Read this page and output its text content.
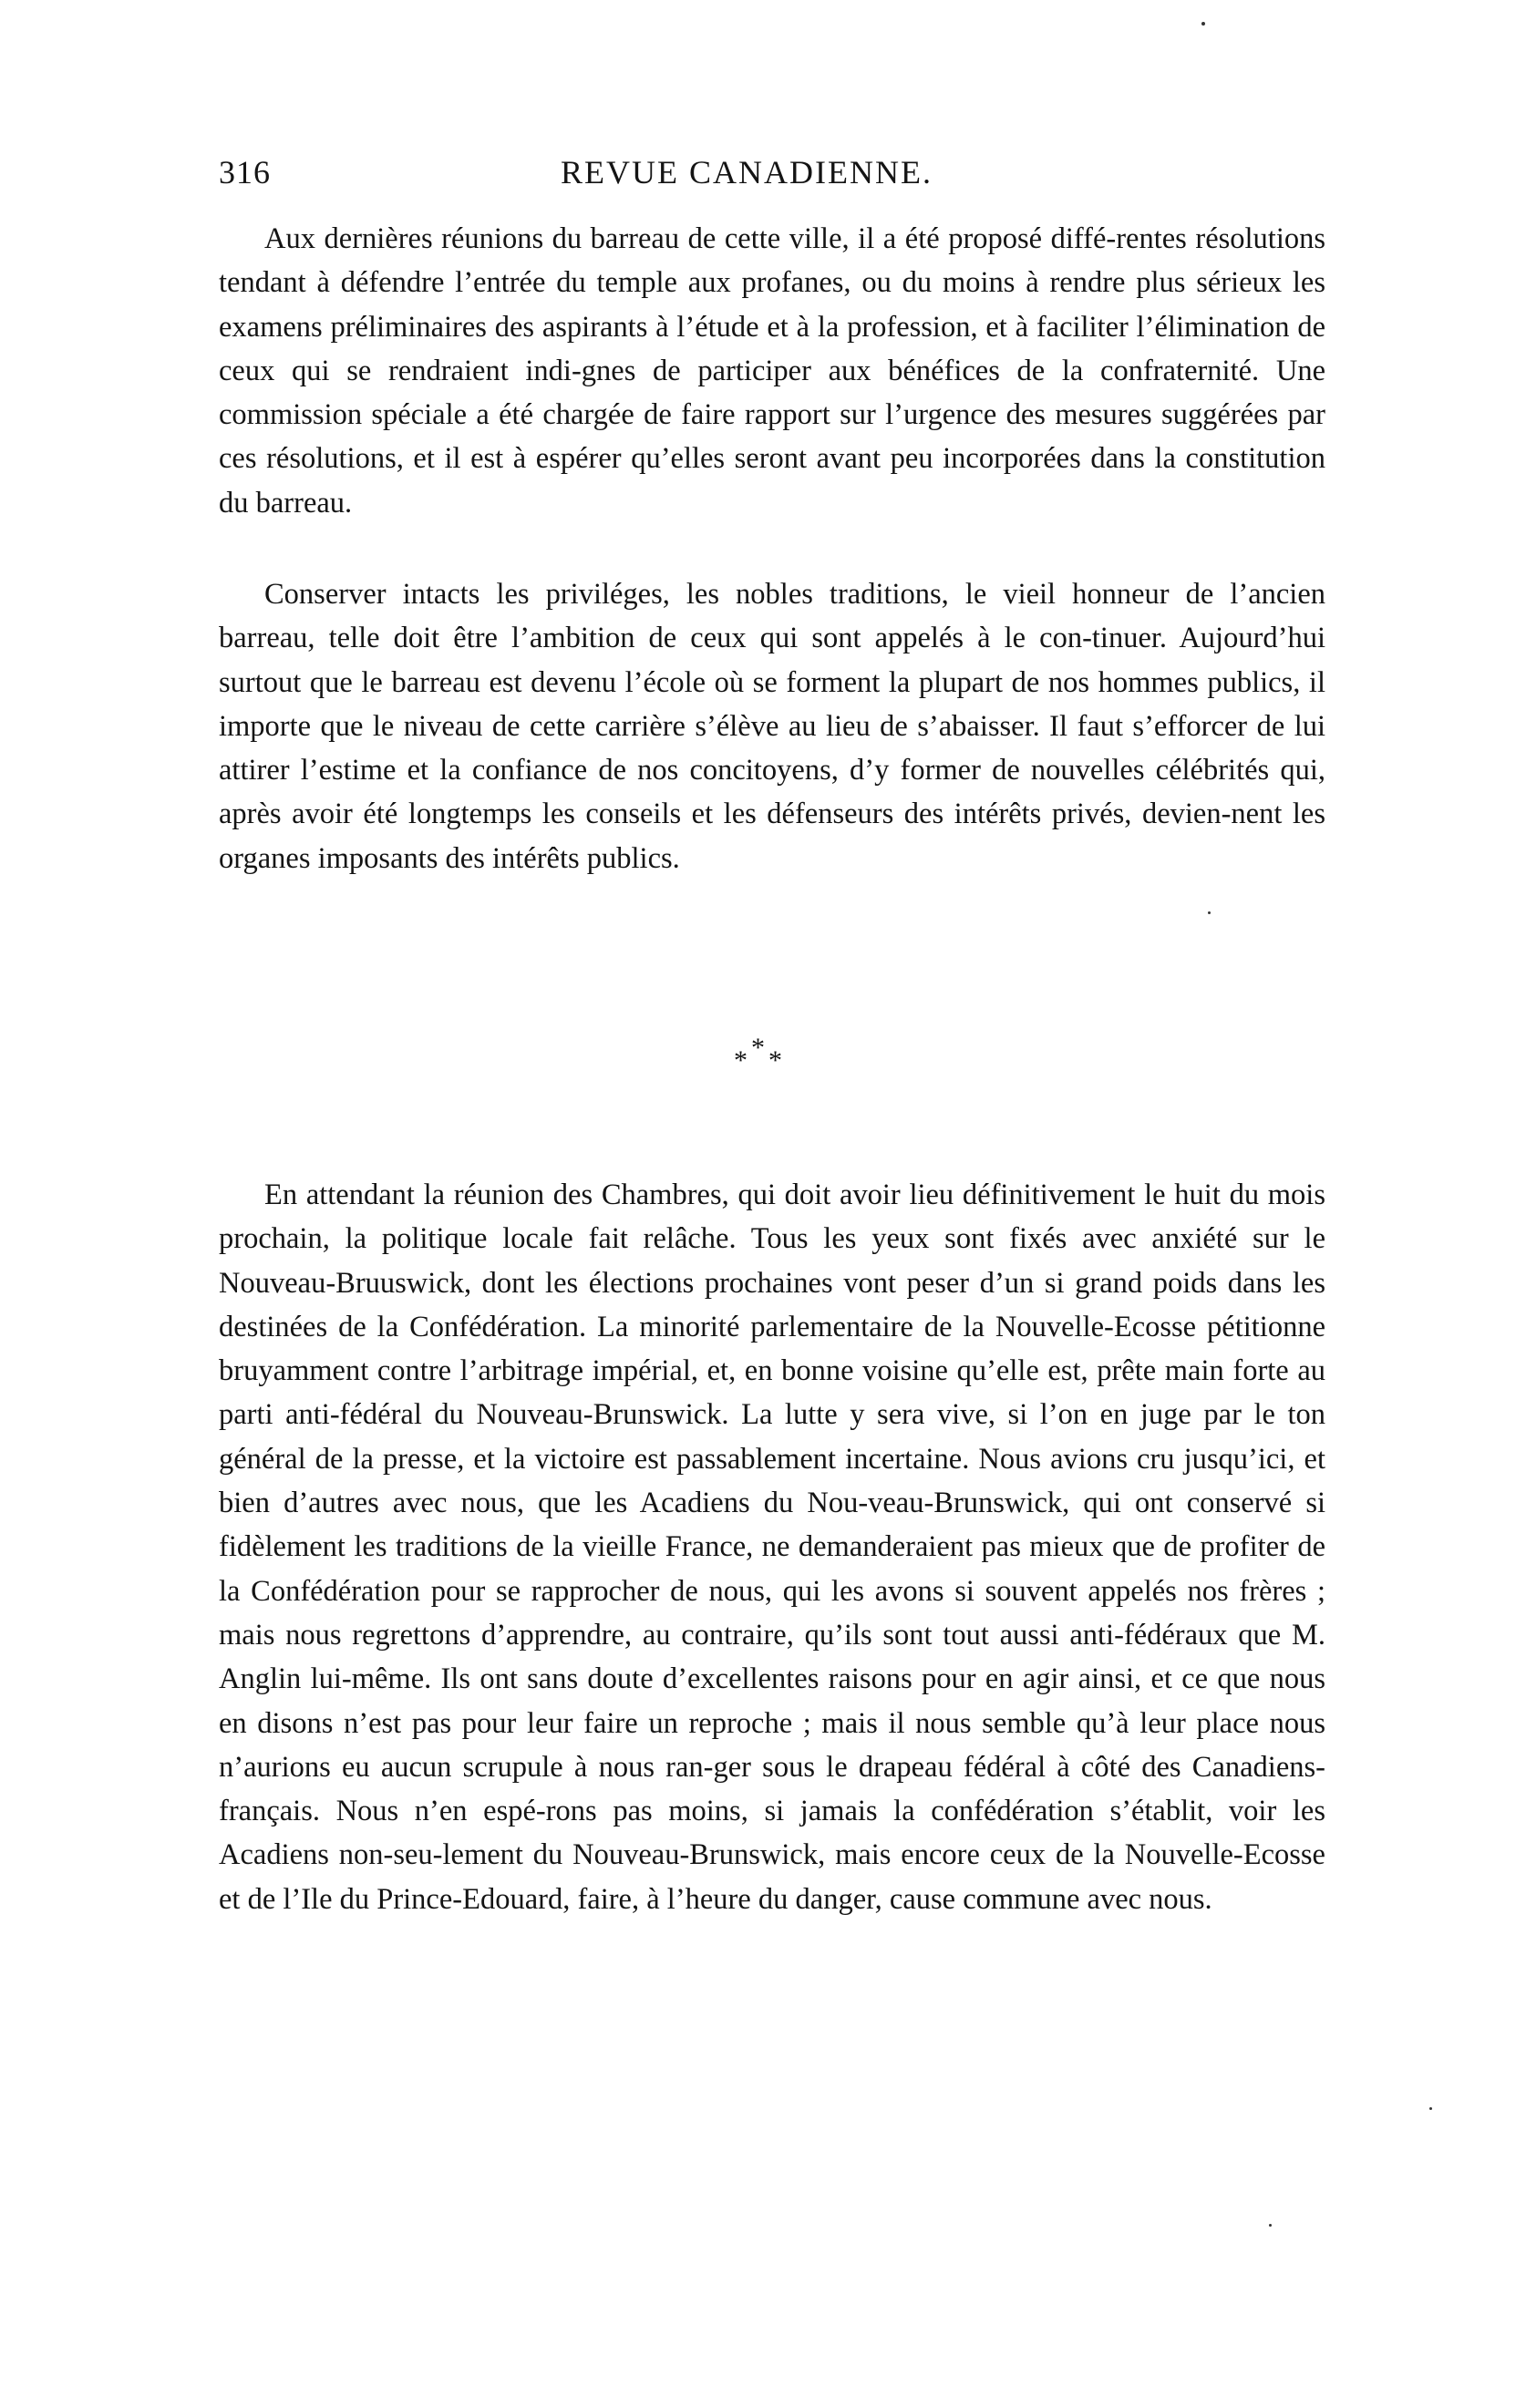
316	REVUE CANADIENNE.

Aux dernières réunions du barreau de cette ville, il a été proposé diffé-rentes résolutions tendant à défendre l’entrée du temple aux profanes, ou du moins à rendre plus sérieux les examens préliminaires des aspirants à l’étude et à la profession, et à faciliter l’élimination de ceux qui se rendraient indi-gnes de participer aux bénéfices de la confraternité. Une commission spéciale a été chargée de faire rapport sur l’urgence des mesures suggérées par ces résolutions, et il est à espérer qu’elles seront avant peu incorporées dans la constitution du barreau.

Conserver intacts les priviléges, les nobles traditions, le vieil honneur de l’ancien barreau, telle doit être l’ambition de ceux qui sont appelés à le con-tinuer. Aujourd’hui surtout que le barreau est devenu l’école où se forment la plupart de nos hommes publics, il importe que le niveau de cette carrière s’élève au lieu de s’abaisser. Il faut s’efforcer de lui attirer l’estime et la confiance de nos concitoyens, d’y former de nouvelles célébrités qui, après avoir été longtemps les conseils et les défenseurs des intérêts privés, devien-nent les organes imposants des intérêts publics.

*
* *

En attendant la réunion des Chambres, qui doit avoir lieu définitivement le huit du mois prochain, la politique locale fait relâche. Tous les yeux sont fixés avec anxiété sur le Nouveau-Bruuswick, dont les élections prochaines vont peser d’un si grand poids dans les destinées de la Confédération. La minorité parlementaire de la Nouvelle-Ecosse pétitionne bruyamment contre l’arbitrage impérial, et, en bonne voisine qu’elle est, prête main forte au parti anti-fédéral du Nouveau-Brunswick. La lutte y sera vive, si l’on en juge par le ton général de la presse, et la victoire est passablement incertaine. Nous avions cru jusqu’ici, et bien d’autres avec nous, que les Acadiens du Nou-veau-Brunswick, qui ont conservé si fidèlement les traditions de la vieille France, ne demanderaient pas mieux que de profiter de la Confédération pour se rapprocher de nous, qui les avons si souvent appelés nos frères ; mais nous regrettons d’apprendre, au contraire, qu’ils sont tout aussi anti-fédéraux que M. Anglin lui-même. Ils ont sans doute d’excellentes raisons pour en agir ainsi, et ce que nous en disons n’est pas pour leur faire un reproche ; mais il nous semble qu’à leur place nous n’aurions eu aucun scrupule à nous ran-ger sous le drapeau fédéral à côté des Canadiens-français. Nous n’en espé-rons pas moins, si jamais la confédération s’établit, voir les Acadiens non-seu-lement du Nouveau-Brunswick, mais encore ceux de la Nouvelle-Ecosse et de l’Ile du Prince-Edouard, faire, à l’heure du danger, cause commune avec nous.
